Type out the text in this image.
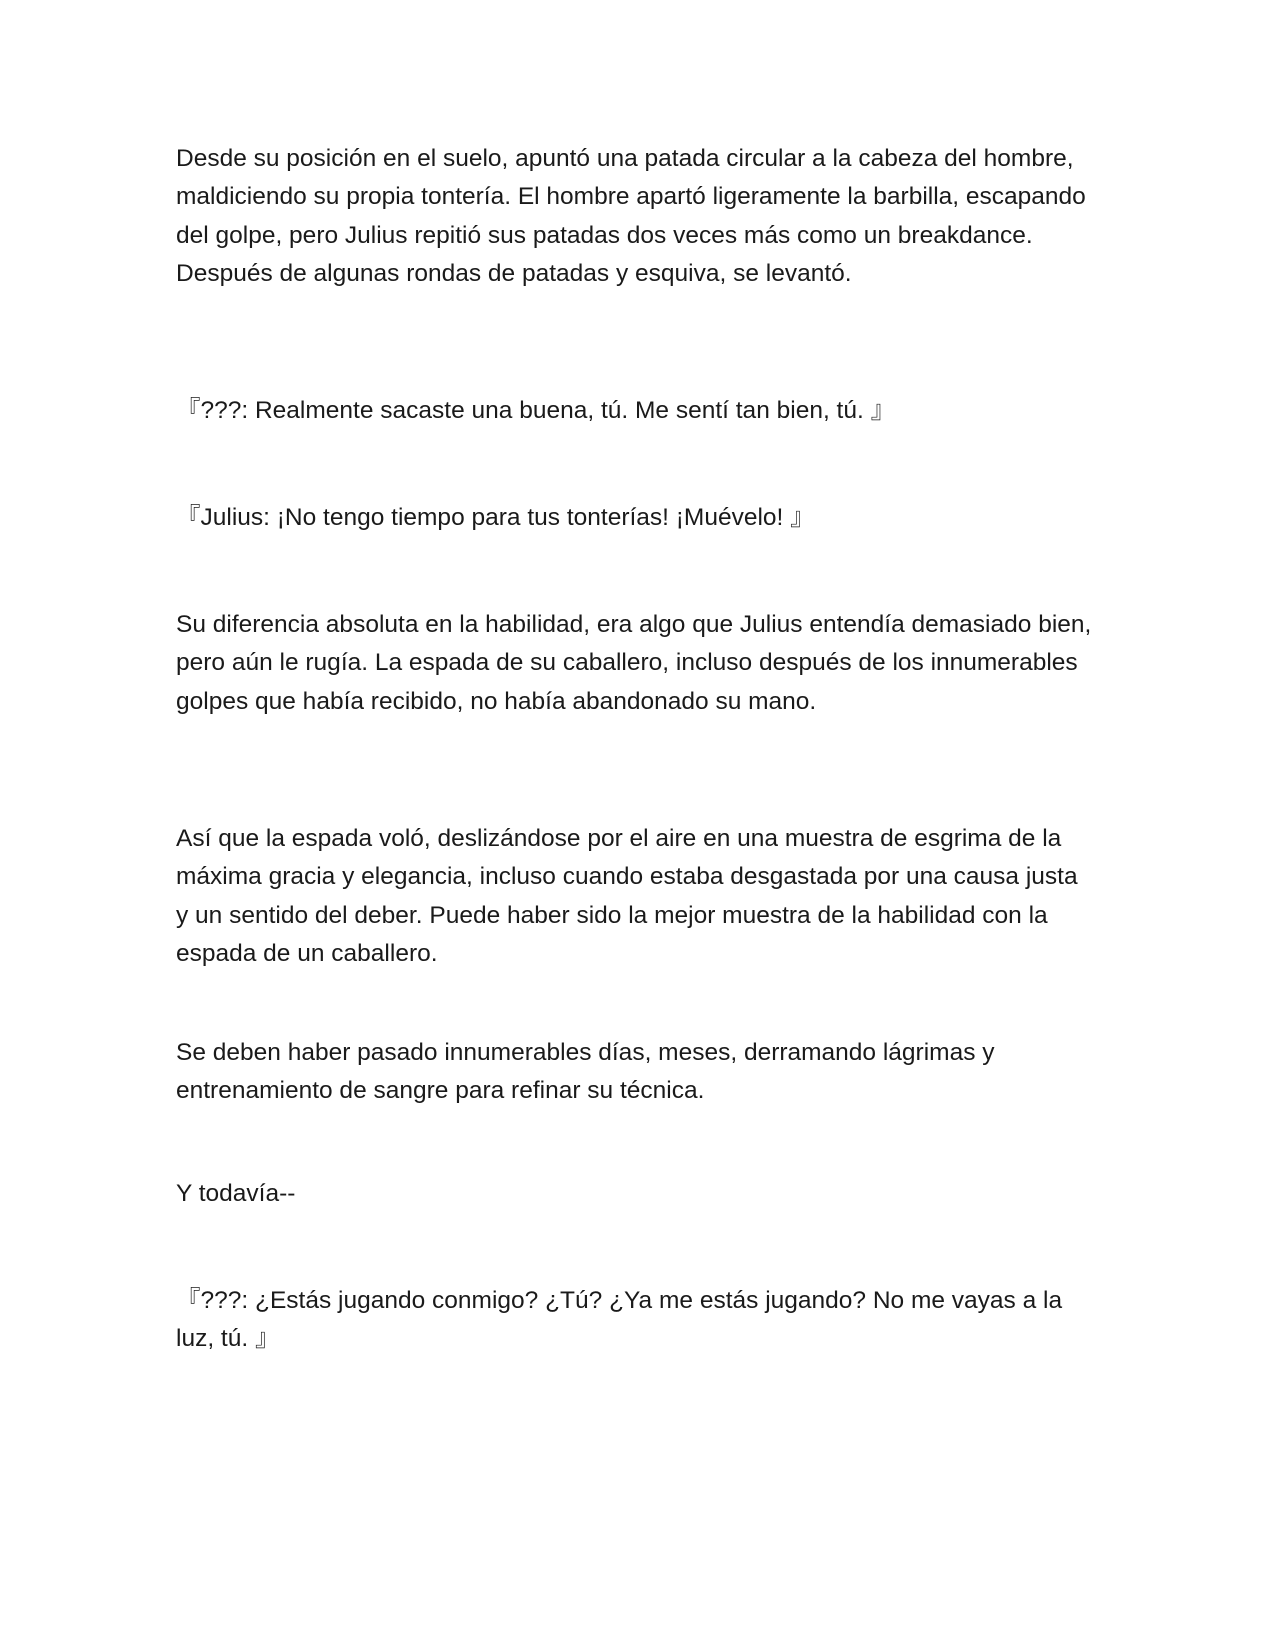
Desde su posición en el suelo, apuntó una patada circular a la cabeza del hombre, maldiciendo su propia tontería. El hombre apartó ligeramente la barbilla, escapando del golpe, pero Julius repitió sus patadas dos veces más como un breakdance. Después de algunas rondas de patadas y esquiva, se levantó.

『???: Realmente sacaste una buena, tú. Me sentí tan bien, tú. 』

『Julius: ¡No tengo tiempo para tus tonterías! ¡Muévelo! 』

Su diferencia absoluta en la habilidad, era algo que Julius entendía demasiado bien, pero aún le rugía. La espada de su caballero, incluso después de los innumerables golpes que había recibido, no había abandonado su mano.

Así que la espada voló, deslizándose por el aire en una muestra de esgrima de la máxima gracia y elegancia, incluso cuando estaba desgastada por una causa justa y un sentido del deber. Puede haber sido la mejor muestra de la habilidad con la espada de un caballero.

Se deben haber pasado innumerables días, meses, derramando lágrimas y entrenamiento de sangre para refinar su técnica.

Y todavía--

『???: ¿Estás jugando conmigo? ¿Tú? ¿Ya me estás jugando? No me vayas a la luz, tú. 』
